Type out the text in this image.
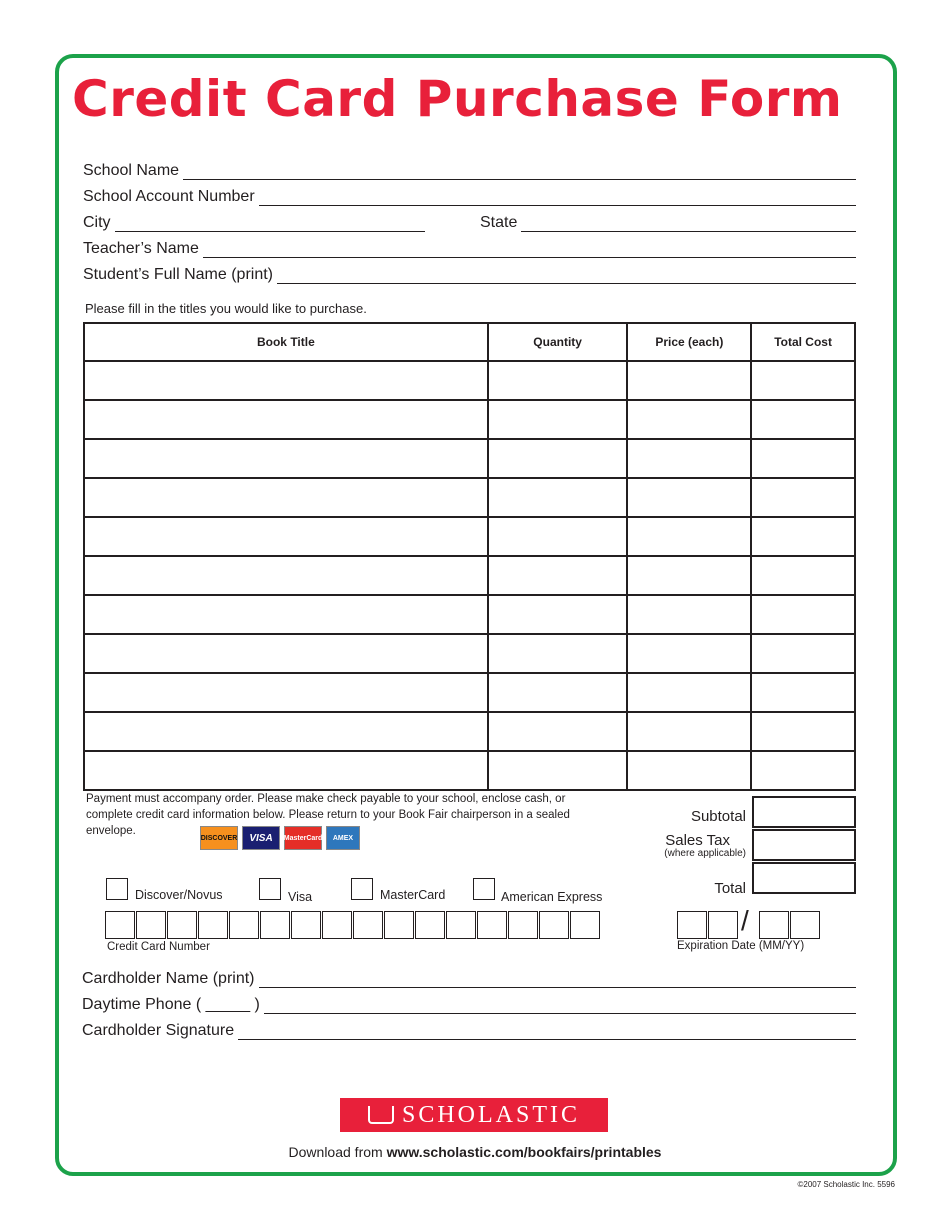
Credit Card Purchase Form
School Name
School Account Number
City	State
Teacher’s Name
Student’s Full Name (print)
Please fill in the titles you would like to purchase.
Book Title	Quantity	Price (each)	Total Cost

Payment must accompany order. Please make check payable to your school, enclose cash, or complete credit card information below. Please return to your Book Fair chairperson in a sealed envelope.
DISCOVER	VISA	MasterCard	AMEX
Subtotal
Sales Tax
(where applicable)
Total
Discover/Novus	Visa	MasterCard	American Express
Credit Card Number
/
Expiration Date (MM/YY)
Cardholder Name (print)
Daytime Phone ( _____ )
Cardholder Signature
SCHOLASTIC
Download from www.scholastic.com/bookfairs/printables
©2007 Scholastic Inc. 5596
